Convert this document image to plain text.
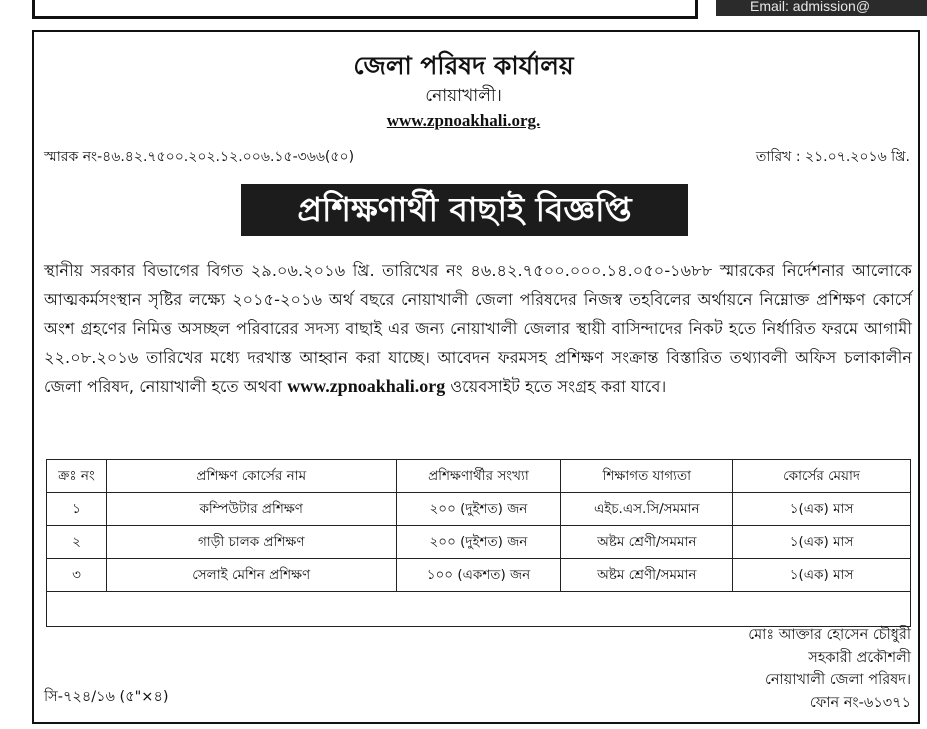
Email: admission@
জেলা পরিষদ কার্যালয়
নোয়াখালী।
www.zpnoakhali.org.
স্মারক নং-৪৬.৪২.৭৫০০.২০২.১২.০০৬.১৫-৩৬৬(৫০)	তারিখ : ২১.০৭.২০১৬ খ্রি.
প্রশিক্ষণার্থী বাছাই বিজ্ঞপ্তি
স্থানীয় সরকার বিভাগের বিগত ২৯.০৬.২০১৬ খ্রি. তারিখের নং ৪৬.৪২.৭৫০০.০০০.১৪.০৫০-১৬৮৮ স্মারকের নির্দেশনার আলোকে আত্মকর্মসংস্থান সৃষ্টির লক্ষ্যে ২০১৫-২০১৬ অর্থ বছরে নোয়াখালী জেলা পরিষদের নিজস্ব তহবিলের অর্থায়নে নিম্নোক্ত প্রশিক্ষণ কোর্সে অংশ গ্রহণের নিমিত্ত অসচ্ছল পরিবারের সদস্য বাছাই এর জন্য নোয়াখালী জেলার স্থায়ী বাসিন্দাদের নিকট হতে নির্ধারিত ফরমে আগামী ২২.০৮.২০১৬ তারিখের মধ্যে দরখাস্ত আহ্বান করা যাচ্ছে। আবেদন ফরমসহ প্রশিক্ষণ সংক্রান্ত বিস্তারিত তথ্যাবলী অফিস চলাকালীন জেলা পরিষদ, নোয়াখালী হতে অথবা www.zpnoakhali.org ওয়েবসাইট হতে সংগ্রহ করা যাবে।
ক্রঃ নং	প্রশিক্ষণ কোর্সের নাম	প্রশিক্ষণার্থীর সংখ্যা	শিক্ষাগত যাগ্যতা	কোর্সের মেয়াদ
১	কম্পিউটার প্রশিক্ষণ	২০০ (দুইশত) জন	এইচ.এস.সি/সমমান	১(এক) মাস
২	গাড়ী চালক প্রশিক্ষণ	২০০ (দুইশত) জন	অষ্টম শ্রেণী/সমমান	১(এক) মাস
৩	সেলাই মেশিন প্রশিক্ষণ	১০০ (একশত) জন	অষ্টম শ্রেণী/সমমান	১(এক) মাস

মোঃ আক্তার হোসেন চৌধুরী
সহকারী প্রকৌশলী
নোয়াখালী জেলা পরিষদ।
ফোন নং-৬১৩৭১
সি-৭২৪/১৬ (৫"×৪)
